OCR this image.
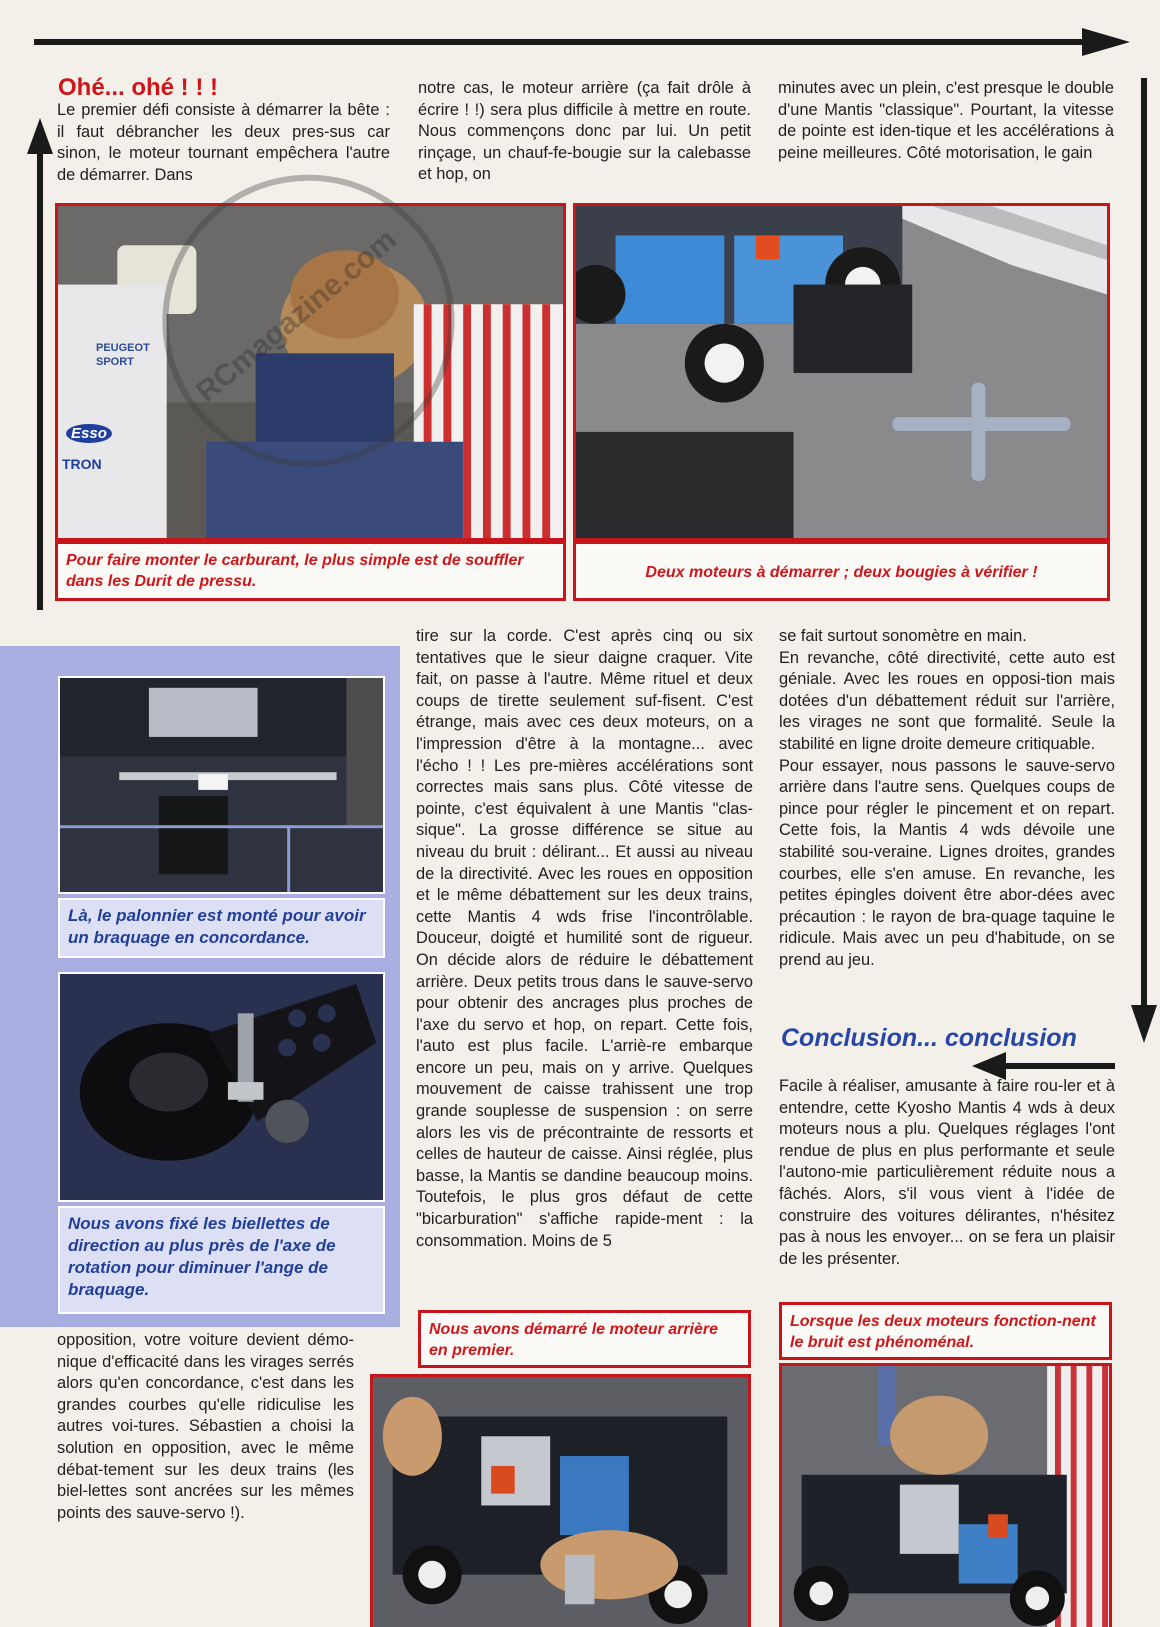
Ohé... ohé ! ! !
Le premier défi consiste à démarrer la bête : il faut débrancher les deux pres-sus car sinon, le moteur tournant empêchera l'autre de démarrer. Dans
notre cas, le moteur arrière (ça fait drôle à écrire ! !) sera plus difficile à mettre en route. Nous commençons donc par lui. Un petit rinçage, un chauf-fe-bougie sur la calebasse et hop, on
minutes avec un plein, c'est presque le double d'une Mantis "classique". Pourtant, la vitesse de pointe est iden-tique et les accélérations à peine meilleures. Côté motorisation, le gain
PEUGEOT SPORT
Esso
TRON
Pour faire monter le carburant, le plus simple est de souffler dans les Durit de pressu.
Deux moteurs à démarrer ; deux bougies à vérifier !
Là, le palonnier est monté pour avoir un braquage en concordance.
Nous avons fixé les biellettes de direction au plus près de l'axe de rotation pour diminuer l'ange de braquage.
opposition, votre voiture devient démo-nique d'efficacité dans les virages serrés alors qu'en concordance, c'est dans les grandes courbes qu'elle ridiculise les autres voi-tures. Sébastien a choisi la solution en opposition, avec le même débat-tement sur les deux trains (les biel-lettes sont ancrées sur les mêmes points des sauve-servo !).
tire sur la corde. C'est après cinq ou six tentatives que le sieur daigne craquer. Vite fait, on passe à l'autre. Même rituel et deux coups de tirette seulement suf-fisent. C'est étrange, mais avec ces deux moteurs, on a l'impression d'être à la montagne... avec l'écho ! ! Les pre-mières accélérations sont correctes mais sans plus. Côté vitesse de pointe, c'est équivalent à une Mantis "clas-sique". La grosse différence se situe au niveau du bruit : délirant... Et aussi au niveau de la directivité. Avec les roues en opposition et le même débattement sur les deux trains, cette Mantis 4 wds frise l'incontrôlable. Douceur, doigté et humilité sont de rigueur. On décide alors de réduire le débattement arrière. Deux petits trous dans le sauve-servo pour obtenir des ancrages plus proches de l'axe du servo et hop, on repart. Cette fois, l'auto est plus facile. L'arriè-re embarque encore un peu, mais on y arrive. Quelques mouvement de caisse trahissent une trop grande souplesse de suspension : on serre alors les vis de précontrainte de ressorts et celles de hauteur de caisse. Ainsi réglée, plus basse, la Mantis se dandine beaucoup moins. Toutefois, le plus gros défaut de cette "bicarburation" s'affiche rapide-ment : la consommation. Moins de 5

se fait surtout sonomètre en main.

En revanche, côté directivité, cette auto est géniale. Avec les roues en opposi-tion mais dotées d'un débattement réduit sur l'arrière, les virages ne sont que formalité. Seule la stabilité en ligne droite demeure critiquable.

Pour essayer, nous passons le sauve-servo arrière dans l'autre sens. Quelques coups de pince pour régler le pincement et on repart. Cette fois, la Mantis 4 wds dévoile une stabilité sou-veraine. Lignes droites, grandes courbes, elle s'en amuse. En revanche, les petites épingles doivent être abor-dées avec précaution : le rayon de bra-quage taquine le ridicule. Mais avec un peu d'habitude, on se prend au jeu.

Conclusion... conclusion
Facile à réaliser, amusante à faire rou-ler et à entendre, cette Kyosho Mantis 4 wds à deux moteurs nous a plu. Quelques réglages l'ont rendue de plus en plus performante et seule l'autono-mie particulièrement réduite nous a fâchés. Alors, s'il vous vient à l'idée de construire des voitures délirantes, n'hésitez pas à nous les envoyer... on se fera un plaisir de les présenter.
Nous avons démarré le moteur arrière en premier.
Lorsque les deux moteurs fonction-nent le bruit est phénoménal.
RCmagazine.com
